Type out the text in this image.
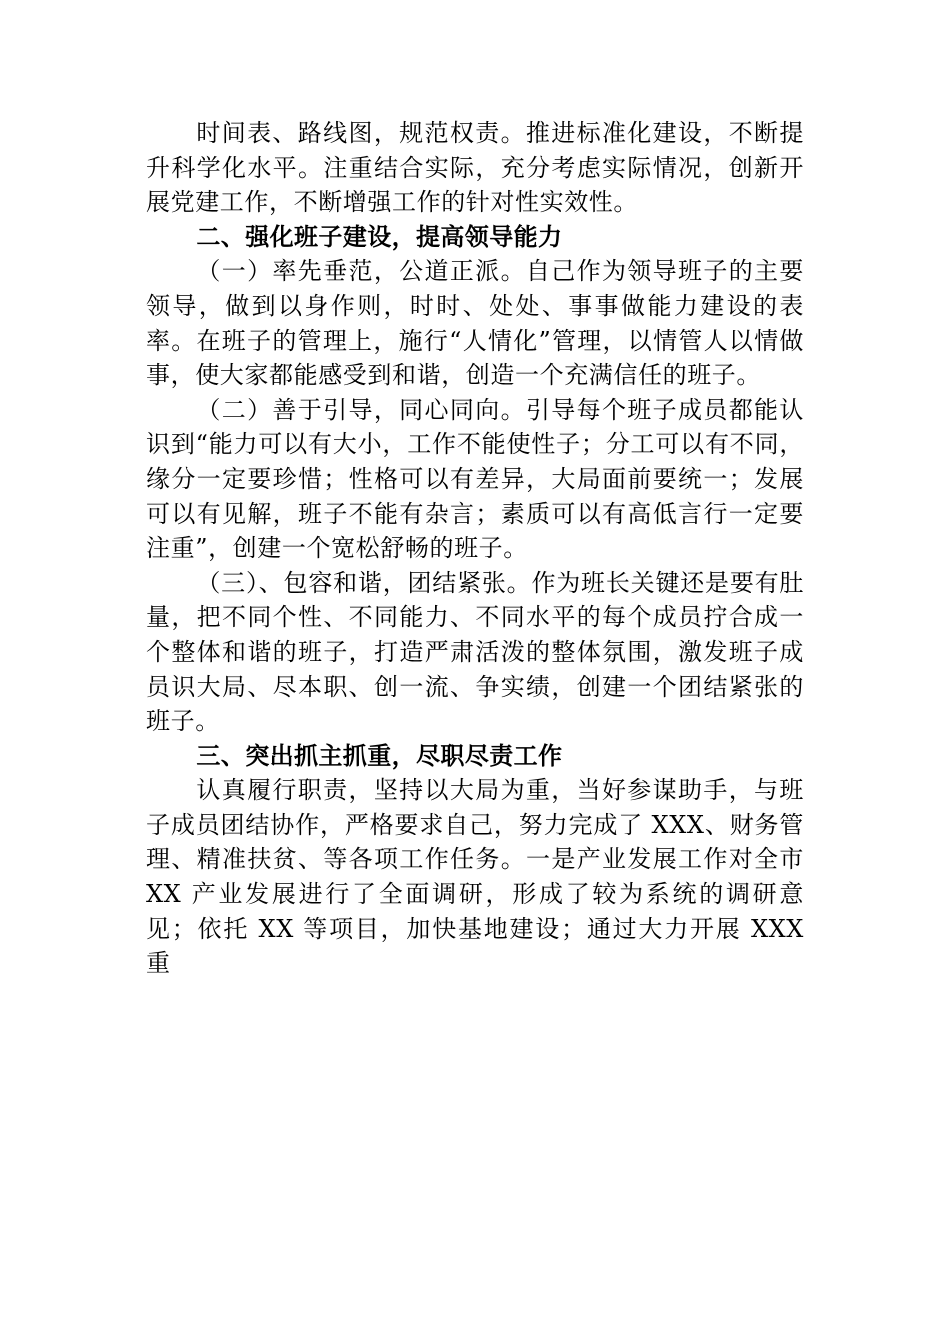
时间表、路线图，规范权责。推进标准化建设，不断提升科学化水平。注重结合实际，充分考虑实际情况，创新开展党建工作，不断增强工作的针对性实效性。

二、强化班子建设，提高领导能力

（一）率先垂范，公道正派。自己作为领导班子的主要领导，做到以身作则，时时、处处、事事做能力建设的表率。在班子的管理上，施行“人情化”管理，以情管人以情做事，使大家都能感受到和谐，创造一个充满信任的班子。

（二）善于引导，同心同向。引导每个班子成员都能认识到“能力可以有大小，工作不能使性子；分工可以有不同，缘分一定要珍惜；性格可以有差异，大局面前要统一；发展可以有见解，班子不能有杂言；素质可以有高低言行一定要注重”，创建一个宽松舒畅的班子。

（三）、包容和谐，团结紧张。作为班长关键还是要有肚量，把不同个性、不同能力、不同水平的每个成员拧合成一个整体和谐的班子，打造严肃活泼的整体氛围，激发班子成员识大局、尽本职、创一流、争实绩，创建一个团结紧张的班子。

三、突出抓主抓重，尽职尽责工作

认真履行职责，坚持以大局为重，当好参谋助手，与班子成员团结协作，严格要求自己，努力完成了 XXX、财务管理、精准扶贫、等各项工作任务。一是产业发展工作对全市 XX 产业发展进行了全面调研，形成了较为系统的调研意见；依托 XX 等项目，加快基地建设；通过大力开展 XXX 重
